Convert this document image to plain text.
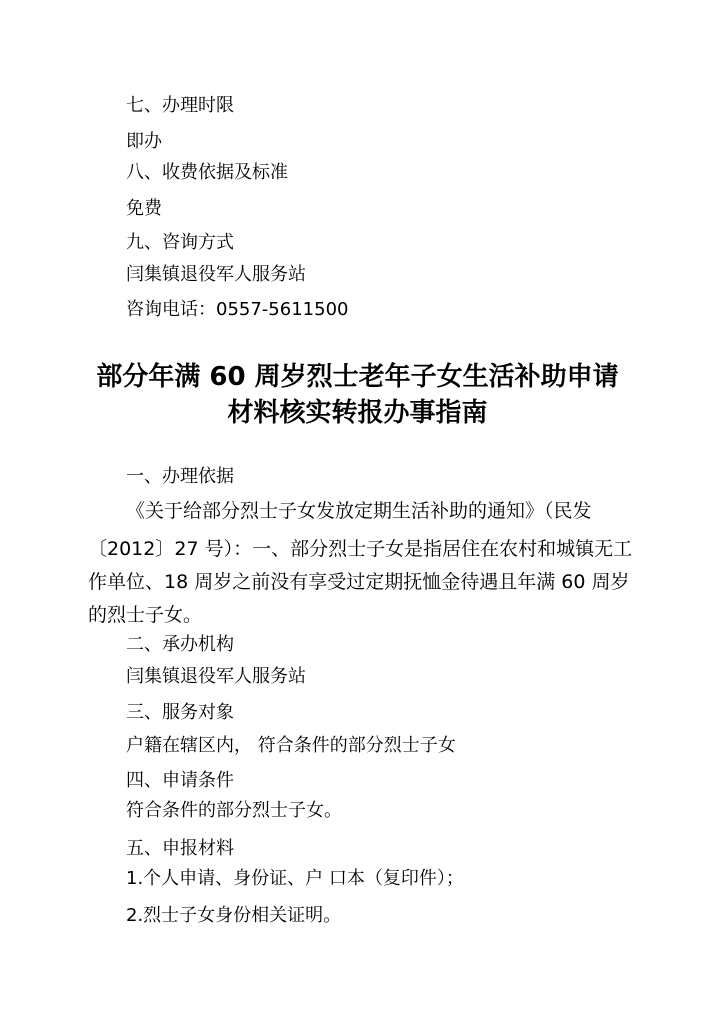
七、办理时限

即办

八、收费依据及标准

免费

九、咨询方式

闫集镇退役军人服务站

咨询电话：0557-5611500

部分年满 60 周岁烈士老年子女生活补助申请
材料核实转报办事指南

一、办理依据

《关于给部分烈士子女发放定期生活补助的通知》（民发

〔2012〕27 号）：一、部分烈士子女是指居住在农村和城镇无工

作单位、18 周岁之前没有享受过定期抚恤金待遇且年满 60 周岁

的烈士子女。

二、承办机构

闫集镇退役军人服务站

三、服务对象

户籍在辖区内， 符合条件的部分烈士子女

四、申请条件

符合条件的部分烈士子女。

五、申报材料

1.个人申请、身份证、户 口本（复印件）；

2.烈士子女身份相关证明。
